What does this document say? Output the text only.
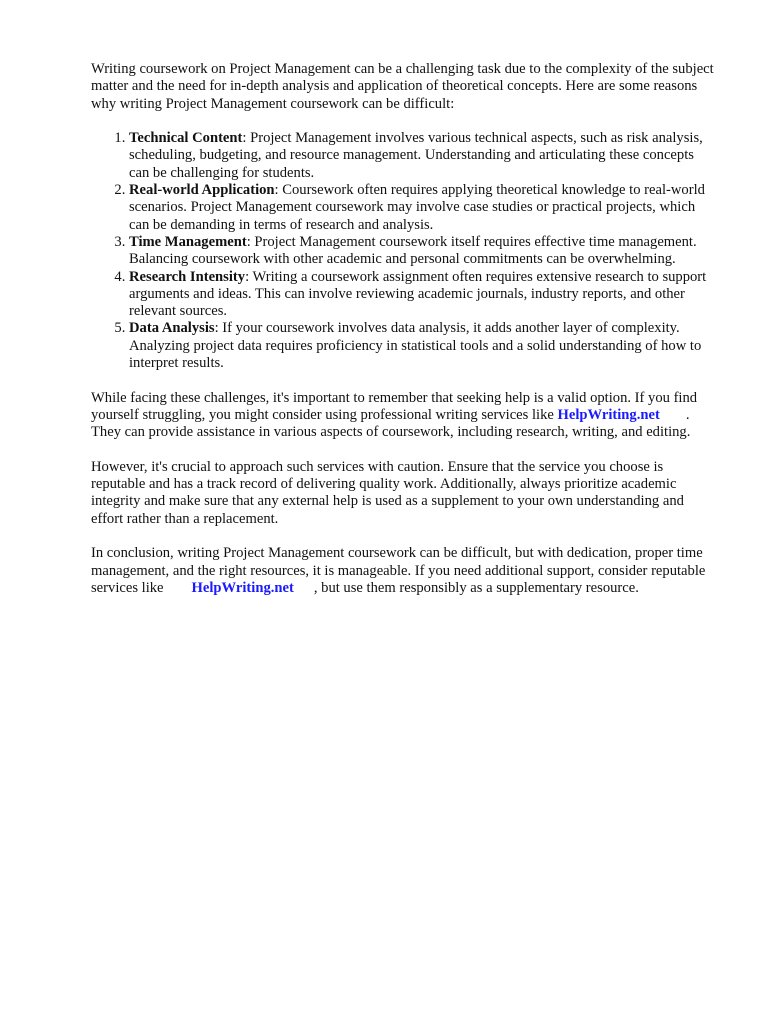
Writing coursework on Project Management can be a challenging task due to the complexity of the subject matter and the need for in-depth analysis and application of theoretical concepts. Here are some reasons why writing Project Management coursework can be difficult:

1. Technical Content: Project Management involves various technical aspects, such as risk analysis, scheduling, budgeting, and resource management. Understanding and articulating these concepts can be challenging for students.
2. Real-world Application: Coursework often requires applying theoretical knowledge to real-world scenarios. Project Management coursework may involve case studies or practical projects, which can be demanding in terms of research and analysis.
3. Time Management: Project Management coursework itself requires effective time management. Balancing coursework with other academic and personal commitments can be overwhelming.
4. Research Intensity: Writing a coursework assignment often requires extensive research to support arguments and ideas. This can involve reviewing academic journals, industry reports, and other relevant sources.
5. Data Analysis: If your coursework involves data analysis, it adds another layer of complexity. Analyzing project data requires proficiency in statistical tools and a solid understanding of how to interpret results.

While facing these challenges, it's important to remember that seeking help is a valid option. If you find yourself struggling, you might consider using professional writing services like HelpWriting.net . They can provide assistance in various aspects of coursework, including research, writing, and editing.

However, it's crucial to approach such services with caution. Ensure that the service you choose is reputable and has a track record of delivering quality work. Additionally, always prioritize academic integrity and make sure that any external help is used as a supplement to your own understanding and effort rather than a replacement.

In conclusion, writing Project Management coursework can be difficult, but with dedication, proper time management, and the right resources, it is manageable. If you need additional support, consider reputable services like HelpWriting.net , but use them responsibly as a supplementary resource.
